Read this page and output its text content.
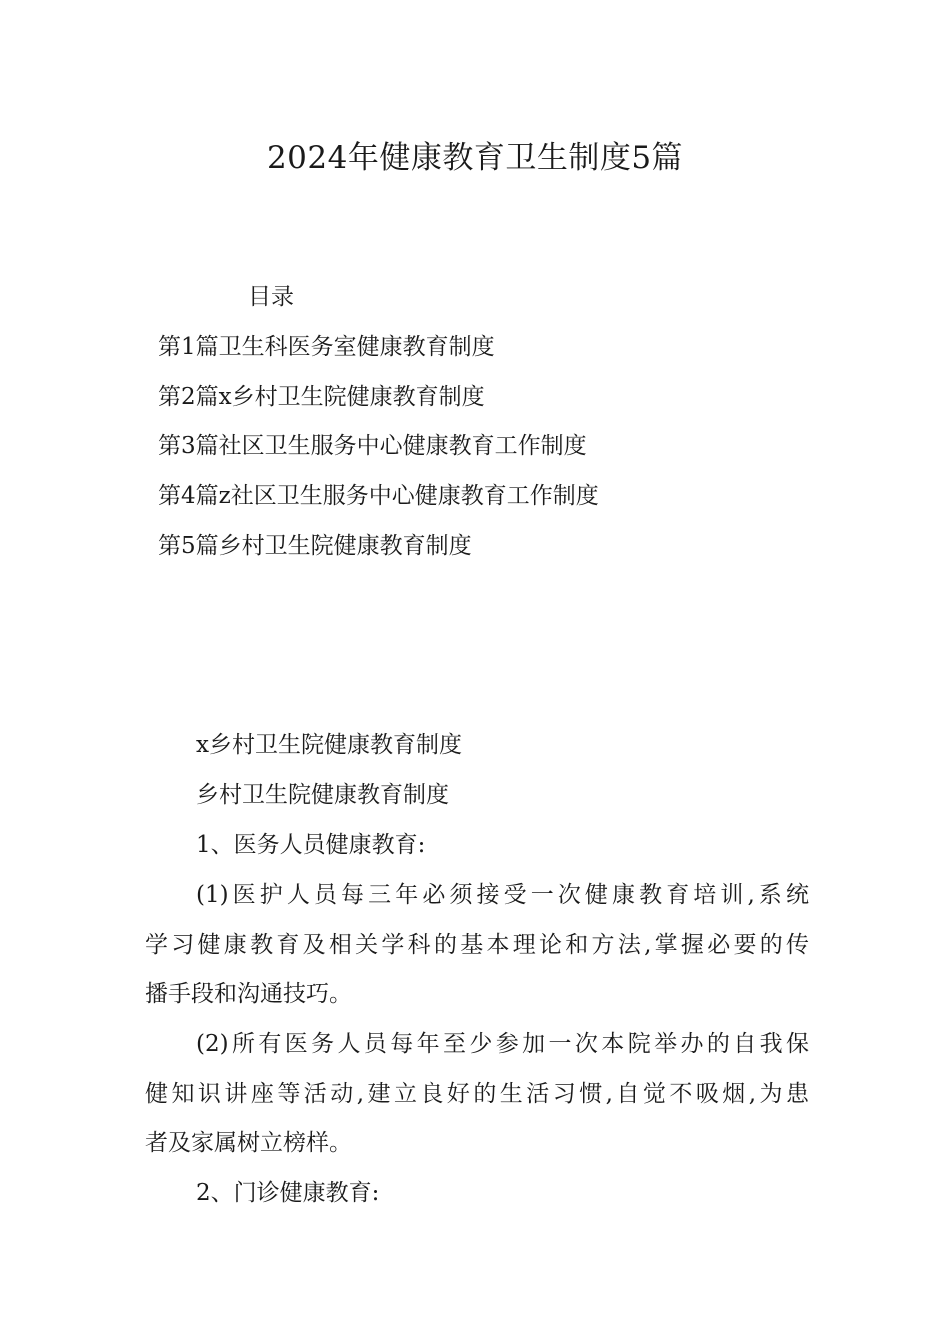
2024年健康教育卫生制度5篇
目录
第1篇卫生科医务室健康教育制度
第2篇x乡村卫生院健康教育制度
第3篇社区卫生服务中心健康教育工作制度
第4篇z社区卫生服务中心健康教育工作制度
第5篇乡村卫生院健康教育制度
x乡村卫生院健康教育制度
乡村卫生院健康教育制度
1、医务人员健康教育:
(1)医护人员每三年必须接受一次健康教育培训,系统
学习健康教育及相关学科的基本理论和方法,掌握必要的传
播手段和沟通技巧。
(2)所有医务人员每年至少参加一次本院举办的自我保
健知识讲座等活动,建立良好的生活习惯,自觉不吸烟,为患
者及家属树立榜样。
2、门诊健康教育:
